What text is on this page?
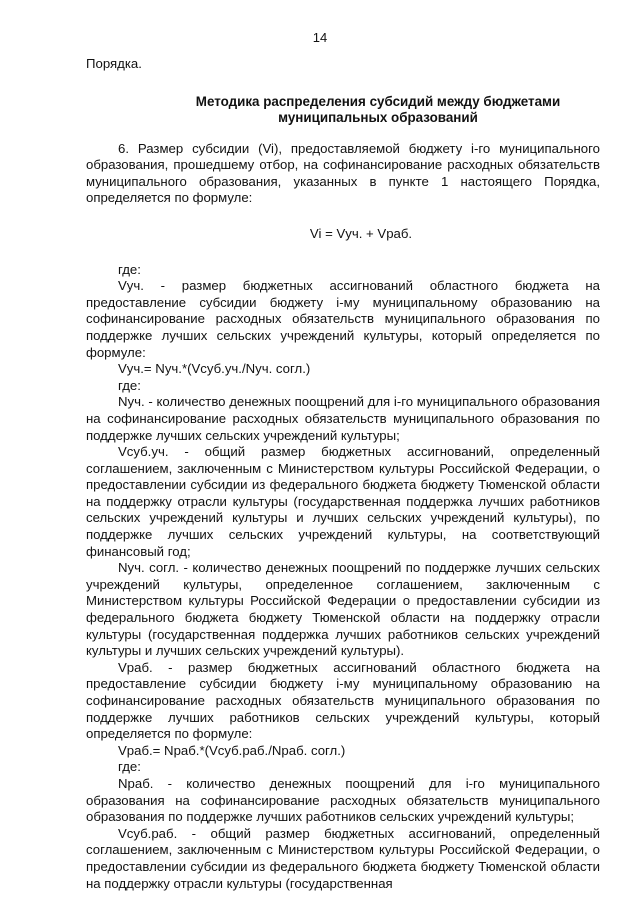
14

Порядка.

Методика распределения субсидий между бюджетами
муниципальных образований

6. Размер субсидии (Vi), предоставляемой бюджету i-го муниципального образования, прошедшему отбор, на софинансирование расходных обязательств муниципального образования, указанных в пункте 1 настоящего Порядка, определяется по формуле:

Vi = Vуч. + Vраб.

где:

Vуч. - размер бюджетных ассигнований областного бюджета на предоставление субсидии бюджету i-му муниципальному образованию на софинансирование расходных обязательств муниципального образования по поддержке лучших сельских учреждений культуры, который определяется по формуле:

Vуч.= Nуч.*(Vсуб.уч./Nуч. согл.)

где:

Nуч. - количество денежных поощрений для i-го муниципального образования на софинансирование расходных обязательств муниципального образования по поддержке лучших сельских учреждений культуры;

Vсуб.уч. - общий размер бюджетных ассигнований, определенный соглашением, заключенным с Министерством культуры Российской Федерации, о предоставлении субсидии из федерального бюджета бюджету Тюменской области на поддержку отрасли культуры (государственная поддержка лучших работников сельских учреждений культуры и лучших сельских учреждений культуры), по поддержке лучших сельских учреждений культуры, на соответствующий финансовый год;

Nуч. согл. - количество денежных поощрений по поддержке лучших сельских учреждений культуры, определенное соглашением, заключенным с Министерством культуры Российской Федерации о предоставлении субсидии из федерального бюджета бюджету Тюменской области на поддержку отрасли культуры (государственная поддержка лучших работников сельских учреждений культуры и лучших сельских учреждений культуры).

Vраб. - размер бюджетных ассигнований областного бюджета на предоставление субсидии бюджету i-му муниципальному образованию на софинансирование расходных обязательств муниципального образования по поддержке лучших работников сельских учреждений культуры, который определяется по формуле:

Vраб.= Nраб.*(Vсуб.раб./Nраб. согл.)

где:

Nраб. - количество денежных поощрений для i-го муниципального образования на софинансирование расходных обязательств муниципального образования по поддержке лучших работников сельских учреждений культуры;

Vсуб.раб. - общий размер бюджетных ассигнований, определенный соглашением, заключенным с Министерством культуры Российской Федерации, о предоставлении субсидии из федерального бюджета бюджету Тюменской области на поддержку отрасли культуры (государственная
